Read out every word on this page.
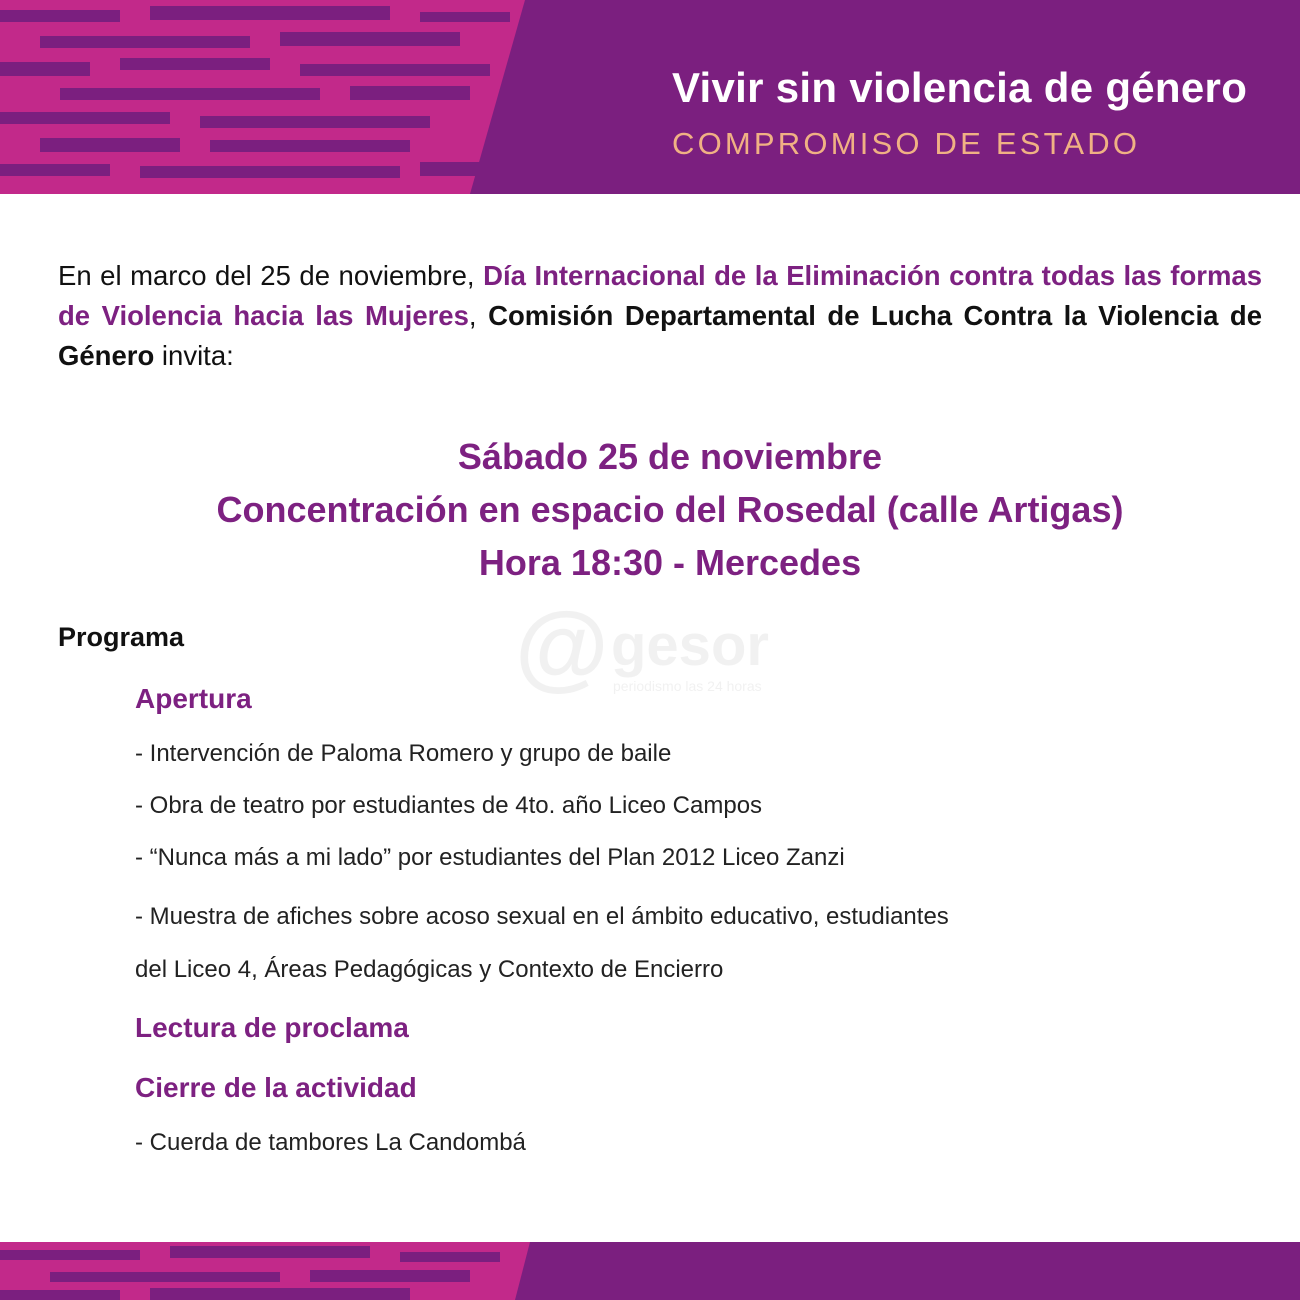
Vivir sin violencia de género
COMPROMISO DE ESTADO
En el marco del 25 de noviembre, Día Internacional de la Eliminación contra todas las formas de Violencia hacia las Mujeres, Comisión Departamental de Lucha Contra la Violencia de Género invita:
Sábado 25 de noviembre
Concentración en espacio del Rosedal (calle Artigas)
Hora 18:30 - Mercedes
@ gesor
periodismo las 24 horas
Programa
Apertura
- Intervención de Paloma Romero y grupo de baile
- Obra de teatro por estudiantes de 4to. año Liceo Campos
- “Nunca más a mi lado” por estudiantes del Plan 2012 Liceo Zanzi
- Muestra de afiches sobre acoso sexual en el ámbito educativo, estudiantes
del Liceo 4, Áreas Pedagógicas y Contexto de Encierro
Lectura de proclama
Cierre de la actividad
- Cuerda de tambores La Candombá
